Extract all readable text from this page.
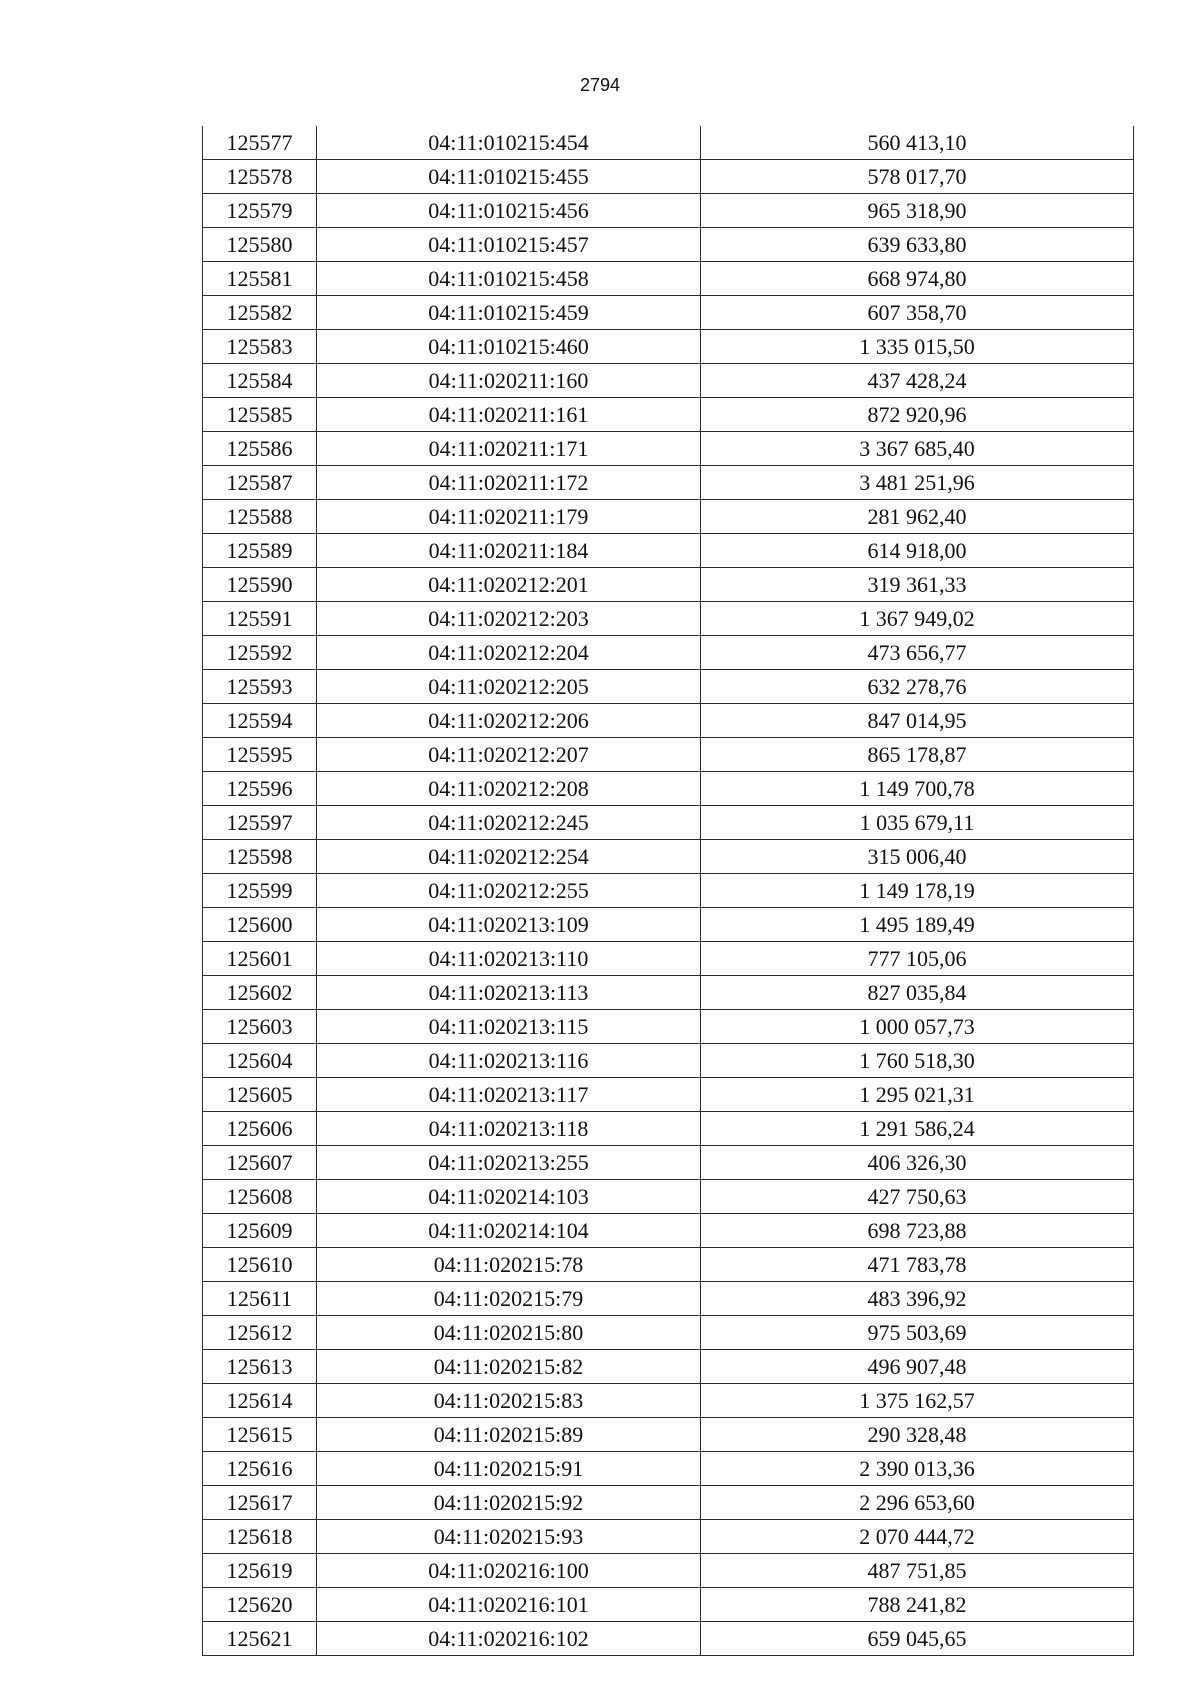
2794
125577	04:11:010215:454	560 413,10
125578	04:11:010215:455	578 017,70
125579	04:11:010215:456	965 318,90
125580	04:11:010215:457	639 633,80
125581	04:11:010215:458	668 974,80
125582	04:11:010215:459	607 358,70
125583	04:11:010215:460	1 335 015,50
125584	04:11:020211:160	437 428,24
125585	04:11:020211:161	872 920,96
125586	04:11:020211:171	3 367 685,40
125587	04:11:020211:172	3 481 251,96
125588	04:11:020211:179	281 962,40
125589	04:11:020211:184	614 918,00
125590	04:11:020212:201	319 361,33
125591	04:11:020212:203	1 367 949,02
125592	04:11:020212:204	473 656,77
125593	04:11:020212:205	632 278,76
125594	04:11:020212:206	847 014,95
125595	04:11:020212:207	865 178,87
125596	04:11:020212:208	1 149 700,78
125597	04:11:020212:245	1 035 679,11
125598	04:11:020212:254	315 006,40
125599	04:11:020212:255	1 149 178,19
125600	04:11:020213:109	1 495 189,49
125601	04:11:020213:110	777 105,06
125602	04:11:020213:113	827 035,84
125603	04:11:020213:115	1 000 057,73
125604	04:11:020213:116	1 760 518,30
125605	04:11:020213:117	1 295 021,31
125606	04:11:020213:118	1 291 586,24
125607	04:11:020213:255	406 326,30
125608	04:11:020214:103	427 750,63
125609	04:11:020214:104	698 723,88
125610	04:11:020215:78	471 783,78
125611	04:11:020215:79	483 396,92
125612	04:11:020215:80	975 503,69
125613	04:11:020215:82	496 907,48
125614	04:11:020215:83	1 375 162,57
125615	04:11:020215:89	290 328,48
125616	04:11:020215:91	2 390 013,36
125617	04:11:020215:92	2 296 653,60
125618	04:11:020215:93	2 070 444,72
125619	04:11:020216:100	487 751,85
125620	04:11:020216:101	788 241,82
125621	04:11:020216:102	659 045,65
